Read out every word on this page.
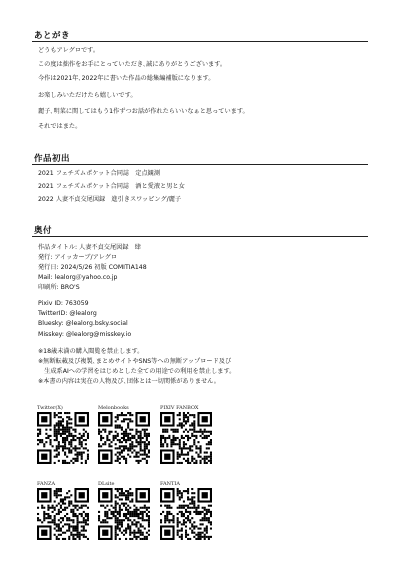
あとがき
どうもアレグロです。
この度は拙作をお手にとっていただき､誠にありがとうございます。
今作は2021年､2022年に書いた作品の総集編補版になります。
お楽しみいただけたら嬉しいです。
麗子､明菜に関してはもう1作ずつお話が作れたらいいなぁと思っています。
それではまた。
作品初出
2021 フェチズムポケット合同誌　定点観測
2021 フェチズムポケット合同誌　酒と愛液と男と女
2022 人妻不貞交尾図録　進引きスワッピング/麗子
奥付
作品タイトル: 人妻不貞交尾図録　肆
発行: アイッカーブ/アレグロ
発行日: 2024/5/26 初版 COMITIA148
Mail: lealorg＠yahoo.co.jp
印刷所: BRO'S
Pixiv ID: 763059
TwitterID: @lealorg
Bluesky: @lealorg.bsky.social
Misskey: @lealorg@misskey.io
※18歳未満の購入閲覧を禁止します。
※無断転載及び複製､まとめサイトやSNS等への無断アップロード及び
　生成系AIへの学習をはじめとした全ての用途での利用を禁止します。
※本書の内容は実在の人物及び､団体とは一切関係がありません。
Twitter(X)	Melonbooks	PIXIV FANBOX
FANZA	DLsite	FANTIA
